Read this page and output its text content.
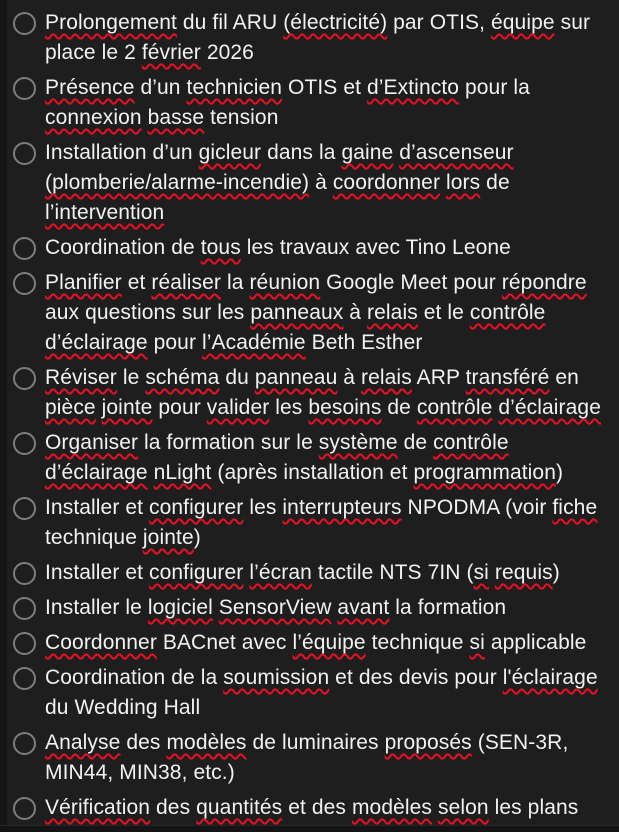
Prolongement du fil ARU (électricité) par OTIS, équipe sur place le 2 février 2026
Présence d’un technicien OTIS et d’Extincto pour la connexion basse tension
Installation d’un gicleur dans la gaine d’ascenseur (plomberie/alarme-incendie) à coordonner lors de l’intervention
Coordination de tous les travaux avec Tino Leone
Planifier et réaliser la réunion Google Meet pour répondre aux questions sur les panneaux à relais et le contrôle d’éclairage pour l’Académie Beth Esther
Réviser le schéma du panneau à relais ARP transféré en pièce jointe pour valider les besoins de contrôle d’éclairage
Organiser la formation sur le système de contrôle d’éclairage nLight (après installation et programmation)
Installer et configurer les interrupteurs NPODMA (voir fiche technique jointe)
Installer et configurer l’écran tactile NTS 7IN (si requis)
Installer le logiciel SensorView avant la formation
Coordonner BACnet avec l’équipe technique si applicable
Coordination de la soumission et des devis pour l'éclairage du Wedding Hall
Analyse des modèles de luminaires proposés (SEN-3R, MIN44, MIN38, etc.)
Vérification des quantités et des modèles selon les plans
